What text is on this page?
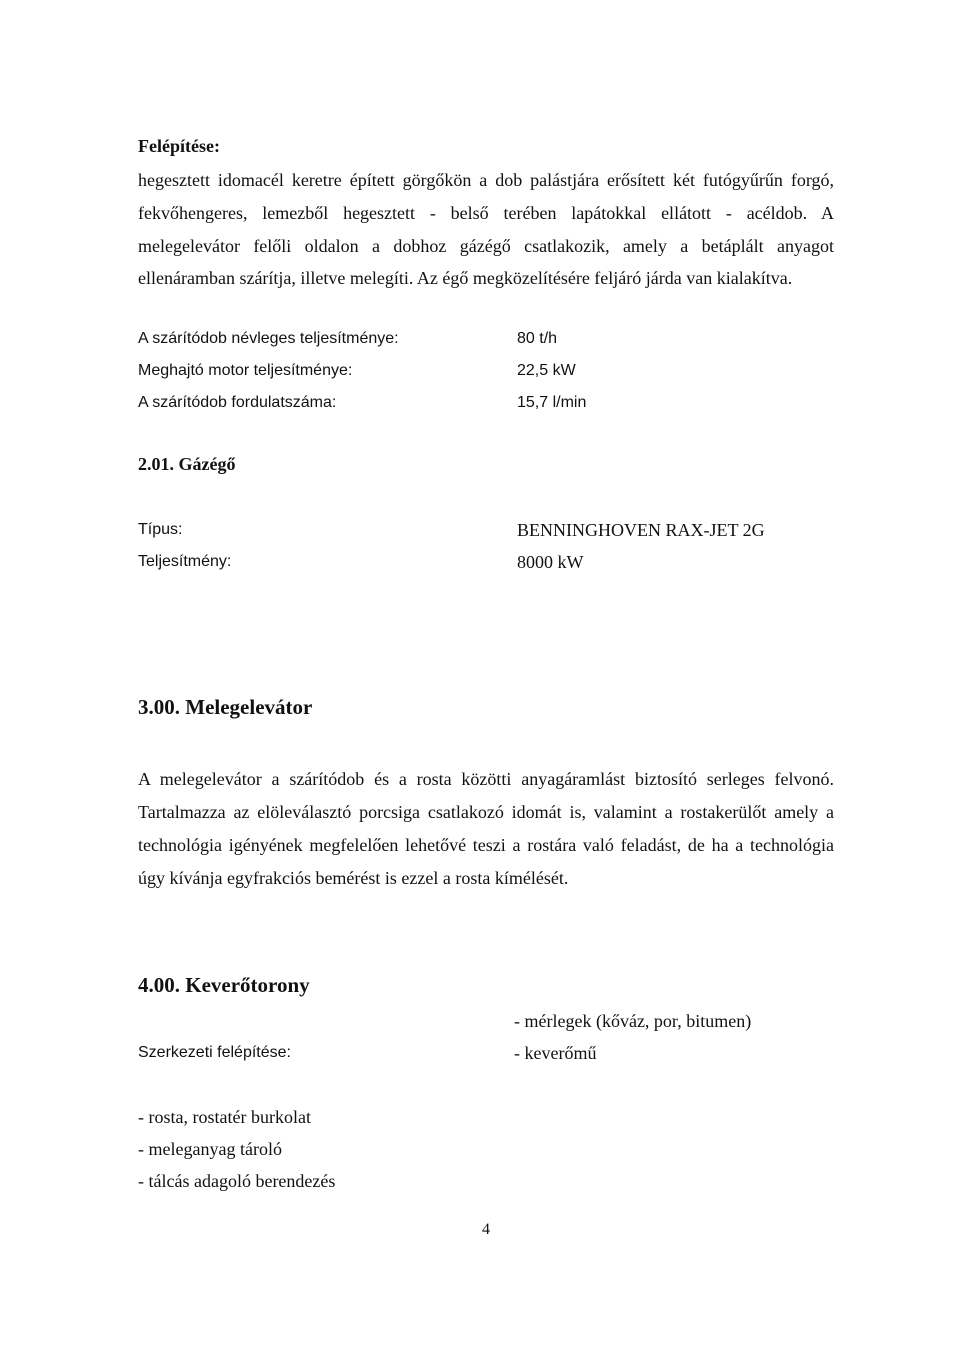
Felépítése:
hegesztett idomacél keretre épített görgőkön a dob palástjára erősített két futógyűrűn forgó,
fekvőhengeres, lemezből hegesztett - belső terében lapátokkal ellátott - acéldob. A
melegelevátor felőli oldalon a dobhoz gázégő csatlakozik, amely a betáplált anyagot
ellenáramban szárítja, illetve melegíti. Az égő megközelítésére feljáró járda van kialakítva.
A szárítódob névleges teljesítménye:	80 t/h
Meghajtó motor teljesítménye:	22,5 kW
A szárítódob fordulatszáma:	15,7 l/min
2.01. Gázégő
Típus:	BENNINGHOVEN RAX-JET 2G
Teljesítmény:	8000 kW
3.00. Melegelevátor
A melegelevátor a szárítódob és a rosta közötti anyagáramlást biztosító serleges felvonó.
Tartalmazza az elöleválasztó porcsiga csatlakozó idomát is, valamint a rostakerülőt amely a
technológia igényének megfelelően lehetővé teszi a rostára való feladást, de ha a technológia
úgy kívánja egyfrakciós bemérést is ezzel a rosta kímélését.
4.00. Keverőtorony
- mérlegek (kőváz, por, bitumen)
Szerkezeti felépítése:	- keverőmű
- rosta, rostatér burkolat
- meleganyag tároló
- tálcás adagoló berendezés
4
